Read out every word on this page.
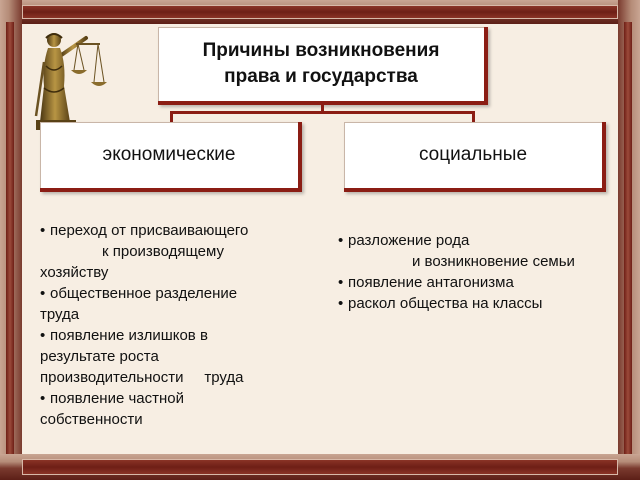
Причины возникновения
права и государства
экономические	социальные
• переход от присваивающего
к производящему
хозяйству
• общественное разделение
труда
• появление излишков в
результате роста
производительности     труда
• появление частной
собственности
• разложение рода
и возникновение семьи
• появление антагонизма
• раскол общества на классы
